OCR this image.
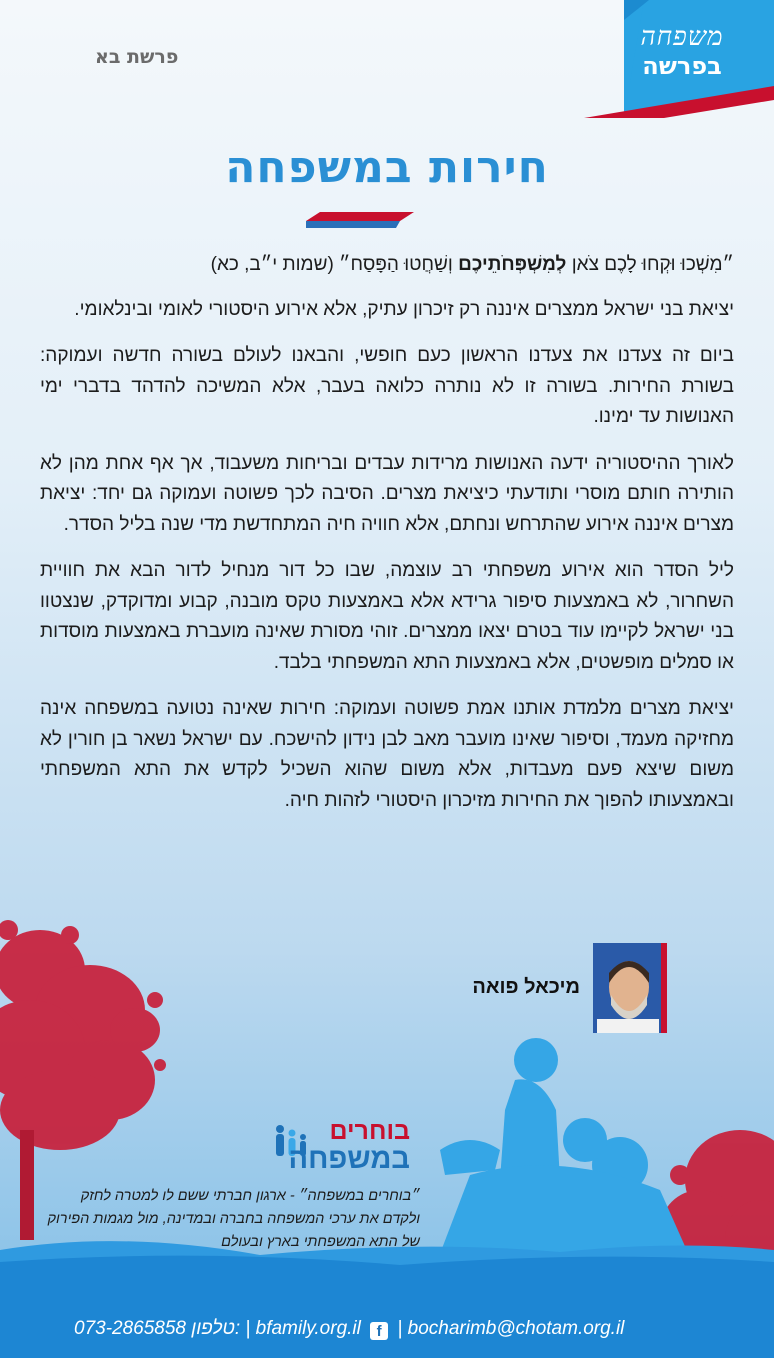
משפחה
בפרשה
פרשת בא
חירות במשפחה
״מִשְׁכוּ וּקְחוּ לָכֶם צֹאן לְמִשְׁפְּחֹתֵיכֶם וְשַׁחֲטוּ הַפָּסַח״ (שמות י״ב, כא)

יציאת בני ישראל ממצרים איננה רק זיכרון עתיק, אלא אירוע היסטורי לאומי ובינלאומי.

ביום זה צעדנו את צעדנו הראשון כעם חופשי, והבאנו לעולם בשורה חדשה ועמוקה: בשורת החירות. בשורה זו לא נותרה כלואה בעבר, אלא המשיכה להדהד בדברי ימי האנושות עד ימינו.

לאורך ההיסטוריה ידעה האנושות מרידות עבדים ובריחות משעבוד, אך אף אחת מהן לא הותירה חותם מוסרי ותודעתי כיציאת מצרים. הסיבה לכך פשוטה ועמוקה גם יחד: יציאת מצרים איננה אירוע שהתרחש ונחתם, אלא חוויה חיה המתחדשת מדי שנה בליל הסדר.

ליל הסדר הוא אירוע משפחתי רב עוצמה, שבו כל דור מנחיל לדור הבא את חוויית השחרור, לא באמצעות סיפור גרידא אלא באמצעות טקס מובנה, קבוע ומדוקדק, שנצטוו בני ישראל לקיימו עוד בטרם יצאו ממצרים. זוהי מסורת שאינה מועברת באמצעות מוסדות או סמלים מופשטים, אלא באמצעות התא המשפחתי בלבד.

יציאת מצרים מלמדת אותנו אמת פשוטה ועמוקה: חירות שאינה נטועה במשפחה אינה מחזיקה מעמד, וסיפור שאינו מועבר מאב לבן נידון להישכח. עם ישראל נשאר בן חורין לא משום שיצא פעם מעבדות, אלא משום שהוא השכיל לקדש את התא המשפחתי ובאמצעותו להפוך את החירות מזיכרון היסטורי לזהות חיה.

מיכאל פואה
בוחרים
במשפחה
״בוחרים במשפחה״ - ארגון חברתי ששם לו למטרה לחזק ולקדם את ערכי המשפחה בחברה ובמדינה, מול מגמות הפירוק של התא המשפחתי בארץ ובעולם
073-2865858 טלפון: | bfamily.org.il f | bocharimb@chotam.org.il
